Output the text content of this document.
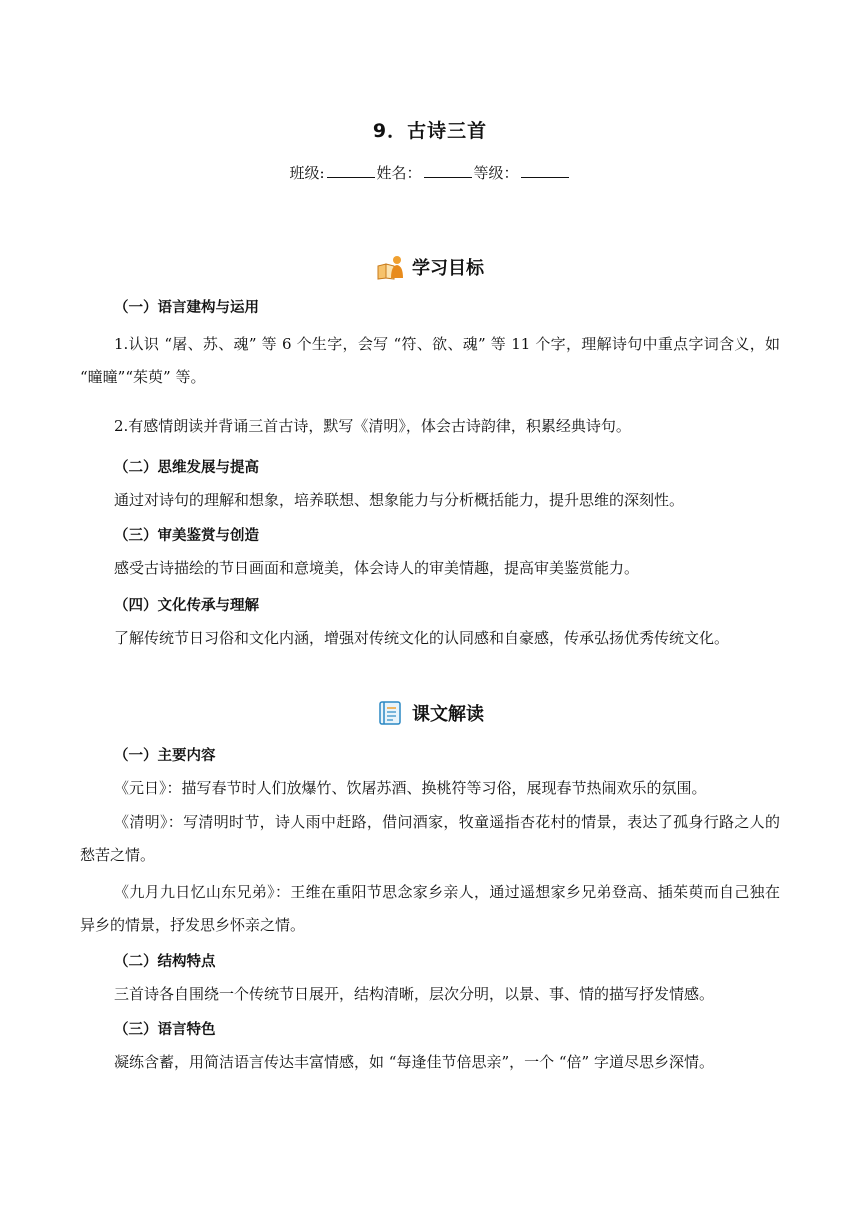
9．古诗三首
班级:	姓名：	等级：
学习目标
（一）语言建构与运用
1.认识 “屠、苏、魂” 等 6 个生字，会写 “符、欲、魂” 等 11 个字，理解诗句中重点字词含义，如 “曈曈”“茱萸” 等。
2.有感情朗读并背诵三首古诗，默写《清明》，体会古诗韵律，积累经典诗句。
（二）思维发展与提高
通过对诗句的理解和想象，培养联想、想象能力与分析概括能力，提升思维的深刻性。
（三）审美鉴赏与创造
感受古诗描绘的节日画面和意境美，体会诗人的审美情趣，提高审美鉴赏能力。
（四）文化传承与理解
了解传统节日习俗和文化内涵，增强对传统文化的认同感和自豪感，传承弘扬优秀传统文化。
课文解读
（一）主要内容
《元日》：描写春节时人们放爆竹、饮屠苏酒、换桃符等习俗，展现春节热闹欢乐的氛围。
《清明》：写清明时节，诗人雨中赶路，借问酒家，牧童遥指杏花村的情景，表达了孤身行路之人的愁苦之情。
《九月九日忆山东兄弟》：王维在重阳节思念家乡亲人，通过遥想家乡兄弟登高、插茱萸而自己独在异乡的情景，抒发思乡怀亲之情。
（二）结构特点
三首诗各自围绕一个传统节日展开，结构清晰，层次分明，以景、事、情的描写抒发情感。
（三）语言特色
凝练含蓄，用简洁语言传达丰富情感，如 “每逢佳节倍思亲”，一个 “倍” 字道尽思乡深情。
